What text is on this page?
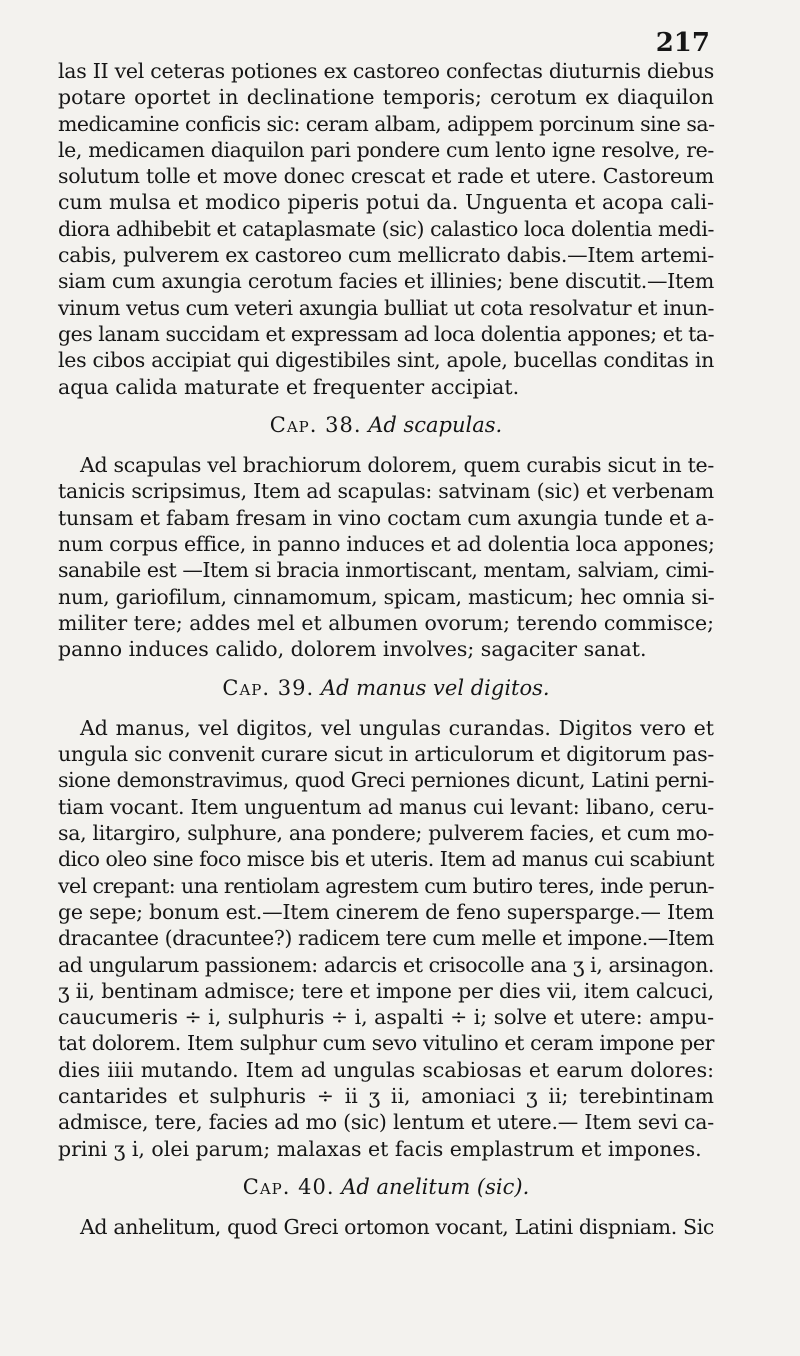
217
las II vel ceteras potiones ex castoreo confectas diuturnis diebus
potare oportet in declinatione temporis; cerotum ex diaquilon
medicamine conficis sic: ceram albam, adippem porcinum sine sa-
le, medicamen diaquilon pari pondere cum lento igne resolve, re-
solutum tolle et move donec crescat et rade et utere. Castoreum
cum mulsa et modico piperis potui da. Unguenta et acopa cali-
diora adhibebit et cataplasmate (sic) calastico loca dolentia medi-
cabis, pulverem ex castoreo cum mellicrato dabis.—Item artemi-
siam cum axungia cerotum facies et illinies; bene discutit.—Item
vinum vetus cum veteri axungia bulliat ut cota resolvatur et inun-
ges lanam succidam et expressam ad loca dolentia appones; et ta-
les cibos accipiat qui digestibiles sint, apole, bucellas conditas in
aqua calida maturate et frequenter accipiat.
Cap. 38. Ad scapulas.
Ad scapulas vel brachiorum dolorem, quem curabis sicut in te-
tanicis scripsimus, Item ad scapulas: satvinam (sic) et verbenam
tunsam et fabam fresam in vino coctam cum axungia tunde et a-
num corpus effice, in panno induces et ad dolentia loca appones;
sanabile est —Item si bracia inmortiscant, mentam, salviam, cimi-
num, gariofilum, cinnamomum, spicam, masticum; hec omnia si-
militer tere; addes mel et albumen ovorum; terendo commisce;
panno induces calido, dolorem involves; sagaciter sanat.
Cap. 39. Ad manus vel digitos.
Ad manus, vel digitos, vel ungulas curandas. Digitos vero et
ungula sic convenit curare sicut in articulorum et digitorum pas-
sione demonstravimus, quod Greci perniones dicunt, Latini perni-
tiam vocant. Item unguentum ad manus cui levant: libano, ceru-
sa, litargiro, sulphure, ana pondere; pulverem facies, et cum mo-
dico oleo sine foco misce bis et uteris. Item ad manus cui scabiunt
vel crepant: una rentiolam agrestem cum butiro teres, inde perun-
ge sepe; bonum est.—Item cinerem de feno supersparge.— Item
dracantee (dracuntee?) radicem tere cum melle et impone.—Item
ad ungularum passionem: adarcis et crisocolle ana ʒ i, arsinagon.
ʒ ii, bentinam admisce; tere et impone per dies vii, item calcuci,
caucumeris ÷ i, sulphuris ÷ i, aspalti ÷ i; solve et utere: ampu-
tat dolorem. Item sulphur cum sevo vitulino et ceram impone per
dies iiii mutando. Item ad ungulas scabiosas et earum dolores:
cantarides et sulphuris ÷ ii ʒ ii, amoniaci ʒ ii; terebintinam
admisce, tere, facies ad mo (sic) lentum et utere.— Item sevi ca-
prini ʒ i, olei parum; malaxas et facis emplastrum et impones.
Cap. 40. Ad anelitum (sic).
Ad anhelitum, quod Greci ortomon vocant, Latini dispniam. Sic
